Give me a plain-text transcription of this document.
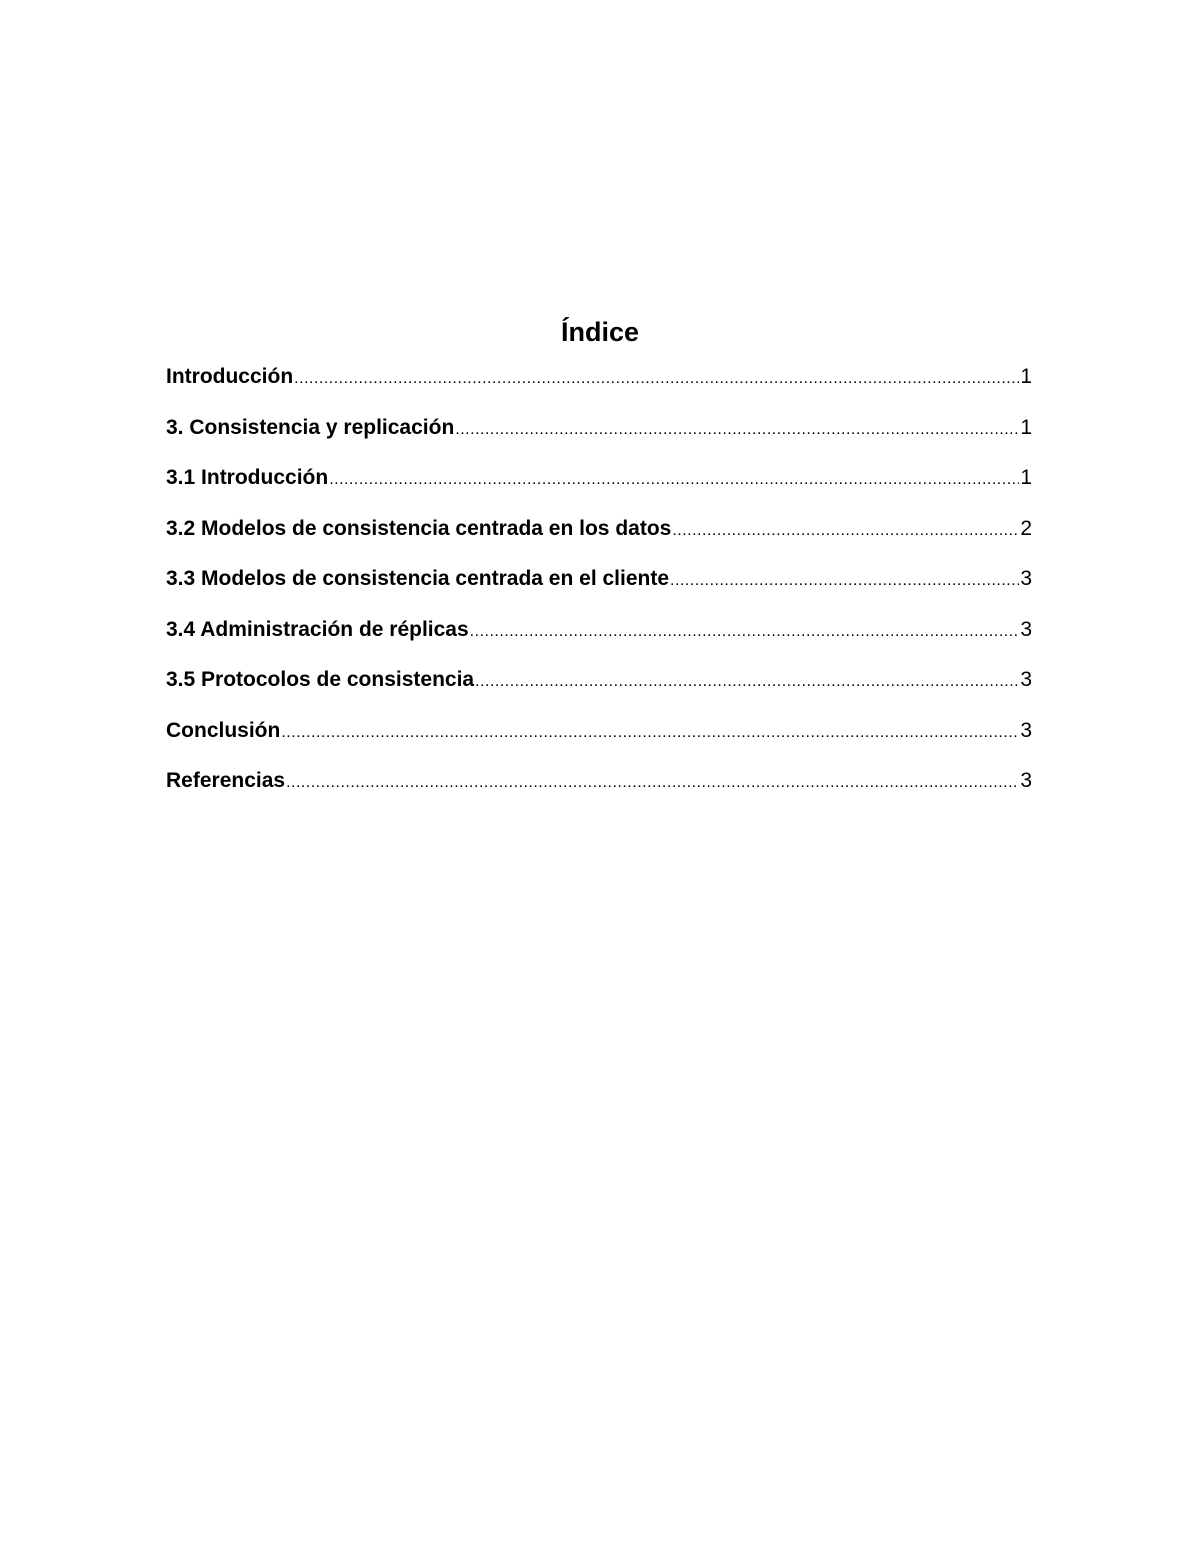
Índice
Introducción .....	1
3. Consistencia y replicación .....	1
3.1 Introducción .....	1
3.2 Modelos de consistencia centrada en los datos .....	2
3.3 Modelos de consistencia centrada en el cliente .....	3
3.4 Administración de réplicas .....	3
3.5 Protocolos de consistencia .....	3
Conclusión .....	3
Referencias .....	3
